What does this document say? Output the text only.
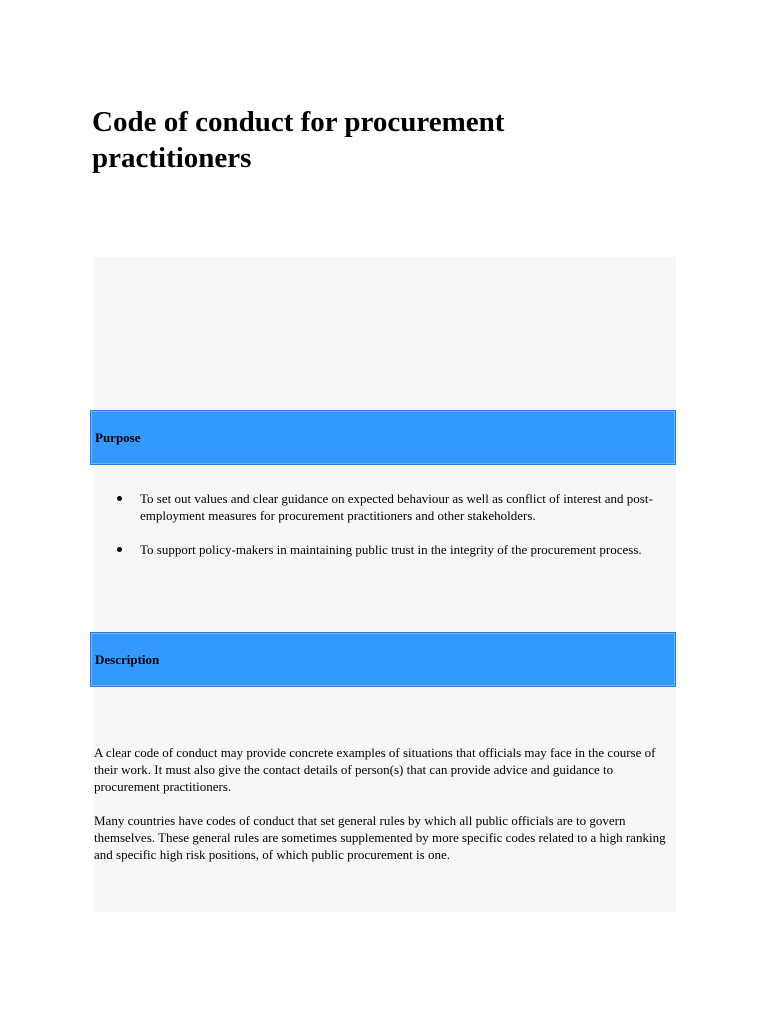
Code of conduct for procurement practitioners
Purpose
To set out values and clear guidance on expected behaviour as well as conflict of interest and post-employment measures for procurement practitioners and other stakeholders.
To support policy-makers in maintaining public trust in the integrity of the procurement process.
Description

A clear code of conduct may provide concrete examples of situations that officials may face in the course of their work. It must also give the contact details of person(s) that can provide advice and guidance to procurement practitioners.

Many countries have codes of conduct that set general rules by which all public officials are to govern themselves. These general rules are sometimes supplemented by more specific codes related to a high ranking and specific high risk positions, of which public procurement is one.
